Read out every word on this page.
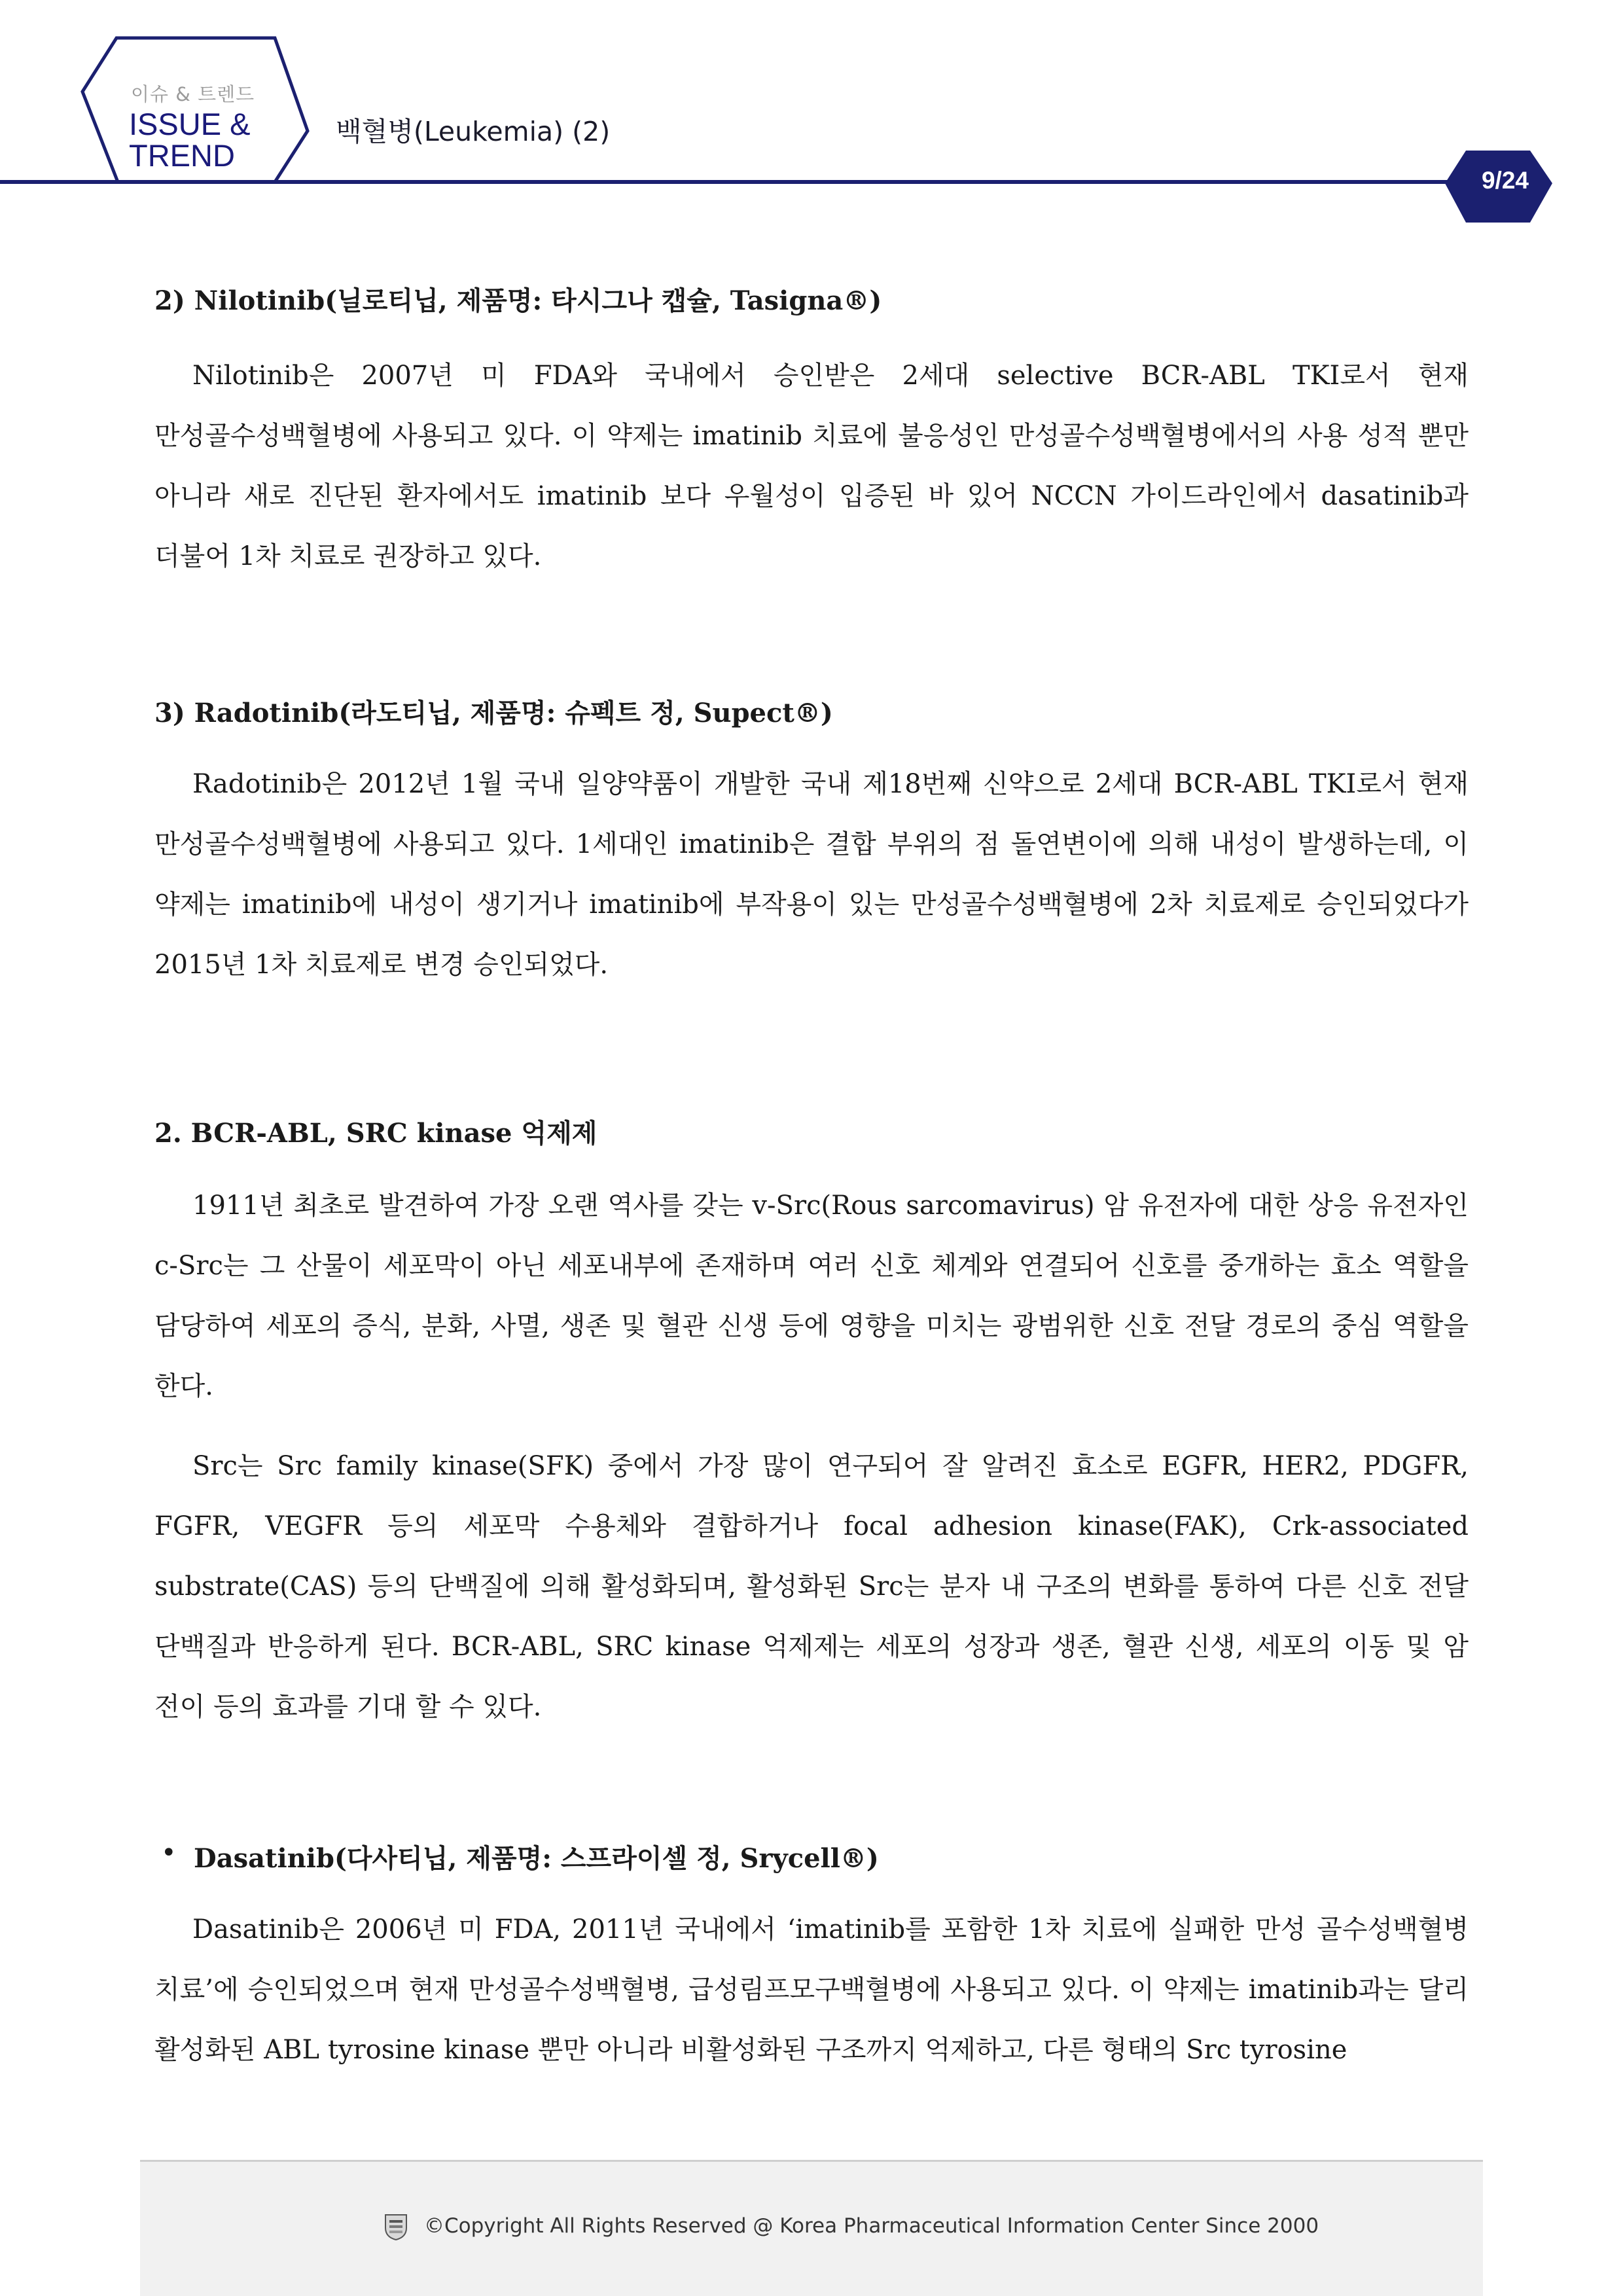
이슈 & 트렌드
ISSUE &
TREND
백혈병(Leukemia) (2)
9/24
2) Nilotinib(닐로티닙, 제품명: 타시그나 캡슐, Tasigna®)
Nilotinib은 2007년 미 FDA와 국내에서 승인받은 2세대 selective BCR-ABL TKI로서 현재 만성골수성백혈병에 사용되고 있다. 이 약제는 imatinib 치료에 불응성인 만성골수성백혈병에서의 사용 성적 뿐만 아니라 새로 진단된 환자에서도 imatinib 보다 우월성이 입증된 바 있어 NCCN 가이드라인에서 dasatinib과 더불어 1차 치료로 권장하고 있다.
3) Radotinib(라도티닙, 제품명: 슈펙트 정, Supect®)
Radotinib은 2012년 1월 국내 일양약품이 개발한 국내 제18번째 신약으로 2세대 BCR-ABL TKI로서 현재 만성골수성백혈병에 사용되고 있다. 1세대인 imatinib은 결합 부위의 점 돌연변이에 의해 내성이 발생하는데, 이 약제는 imatinib에 내성이 생기거나 imatinib에 부작용이 있는 만성골수성백혈병에 2차 치료제로 승인되었다가 2015년 1차 치료제로 변경 승인되었다.
2. BCR-ABL, SRC kinase 억제제
1911년 최초로 발견하여 가장 오랜 역사를 갖는 v-Src(Rous sarcomavirus) 암 유전자에 대한 상응 유전자인 c-Src는 그 산물이 세포막이 아닌 세포내부에 존재하며 여러 신호 체계와 연결되어 신호를 중개하는 효소 역할을 담당하여 세포의 증식, 분화, 사멸, 생존 및 혈관 신생 등에 영향을 미치는 광범위한 신호 전달 경로의 중심 역할을 한다.
Src는 Src family kinase(SFK) 중에서 가장 많이 연구되어 잘 알려진 효소로 EGFR, HER2, PDGFR, FGFR, VEGFR 등의 세포막 수용체와 결합하거나 focal adhesion kinase(FAK), Crk-associated substrate(CAS) 등의 단백질에 의해 활성화되며, 활성화된 Src는 분자 내 구조의 변화를 통하여 다른 신호 전달 단백질과 반응하게 된다. BCR-ABL, SRC kinase 억제제는 세포의 성장과 생존, 혈관 신생, 세포의 이동 및 암 전이 등의 효과를 기대 할 수 있다.
• Dasatinib(다사티닙, 제품명: 스프라이셀 정, Srycell®)
Dasatinib은 2006년 미 FDA, 2011년 국내에서 ‘imatinib를 포함한 1차 치료에 실패한 만성 골수성백혈병 치료’에 승인되었으며 현재 만성골수성백혈병, 급성림프모구백혈병에 사용되고 있다. 이 약제는 imatinib과는 달리 활성화된 ABL tyrosine kinase 뿐만 아니라 비활성화된 구조까지 억제하고, 다른 형태의 Src tyrosine
©Copyright All Rights Reserved @ Korea Pharmaceutical Information Center Since 2000
